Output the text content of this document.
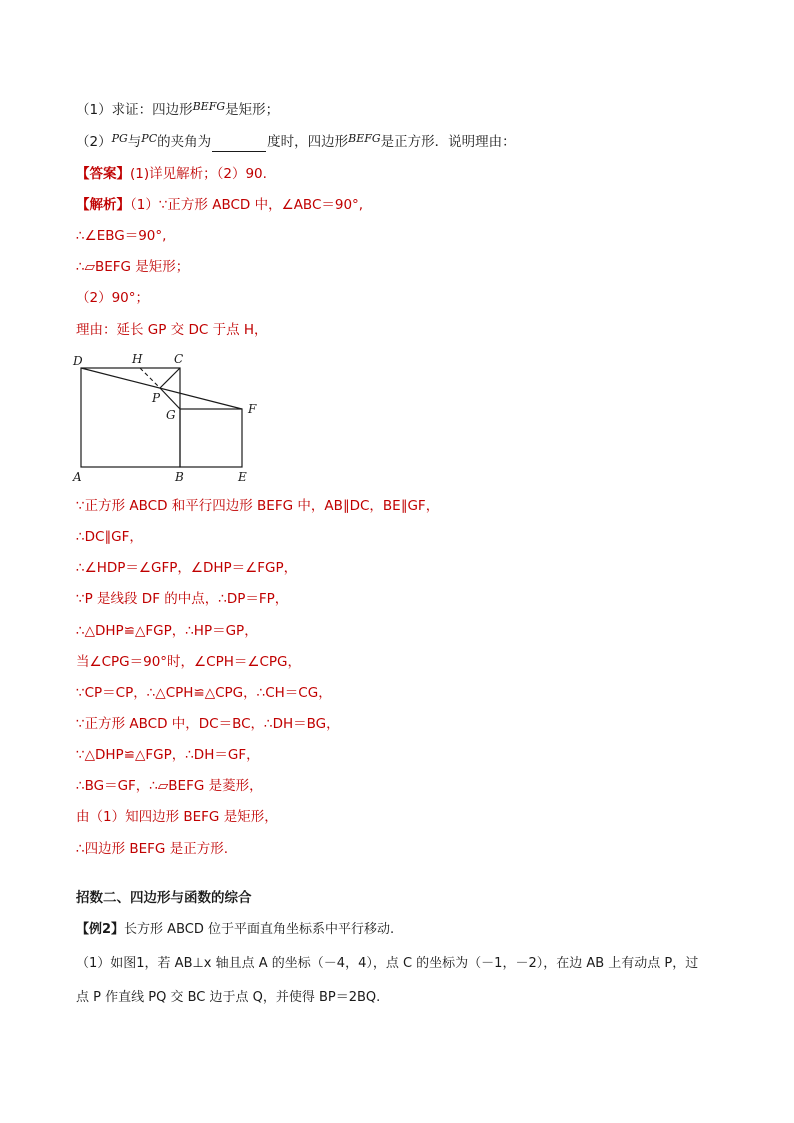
（1）求证：四边形$^{BEFG}$是矩形；
$(2)^{PG}$与$^{PC}$的夹角为	度时，四边形$^{BEFG}$是正方形．说明理由：
【答案】(1)详见解析；（2）90.
【解析】（1）∵正方形 ABCD 中，∠ABC＝90°,
∴∠EBG＝90°,
∴▱BEFG 是矩形；
（2）90°；
理由：延长 GP 交 DC 于点 H，
D	H	C
P
G	F
A	B	E
∵正方形 ABCD 和平行四边形 BEFG 中，AB∥DC，BE∥GF，
∴DC∥GF，
∴∠HDP＝∠GFP，∠DHP＝∠FGP，
∵P 是线段 DF 的中点，∴DP＝FP，
∴△DHP≌△FGP，∴HP＝GP，
当∠CPG＝90°时，∠CPH＝∠CPG，
∵CP＝CP，∴△CPH≌△CPG，∴CH＝CG，
∵正方形 ABCD 中，DC＝BC，∴DH＝BG，
∵△DHP≌△FGP，∴DH＝GF，
∴BG＝GF，∴▱BEFG 是菱形，
由（1）知四边形 BEFG 是矩形，
∴四边形 BEFG 是正方形.
招数二、四边形与函数的综合
【例2】长方形 ABCD 位于平面直角坐标系中平行移动.
（1）如图1，若 AB⊥x 轴且点 A 的坐标（－4，4），点 C 的坐标为（－1，－2），在边 AB 上有动点 P，过
点 P 作直线 PQ 交 BC 边于点 Q，并使得 BP＝2BQ.
